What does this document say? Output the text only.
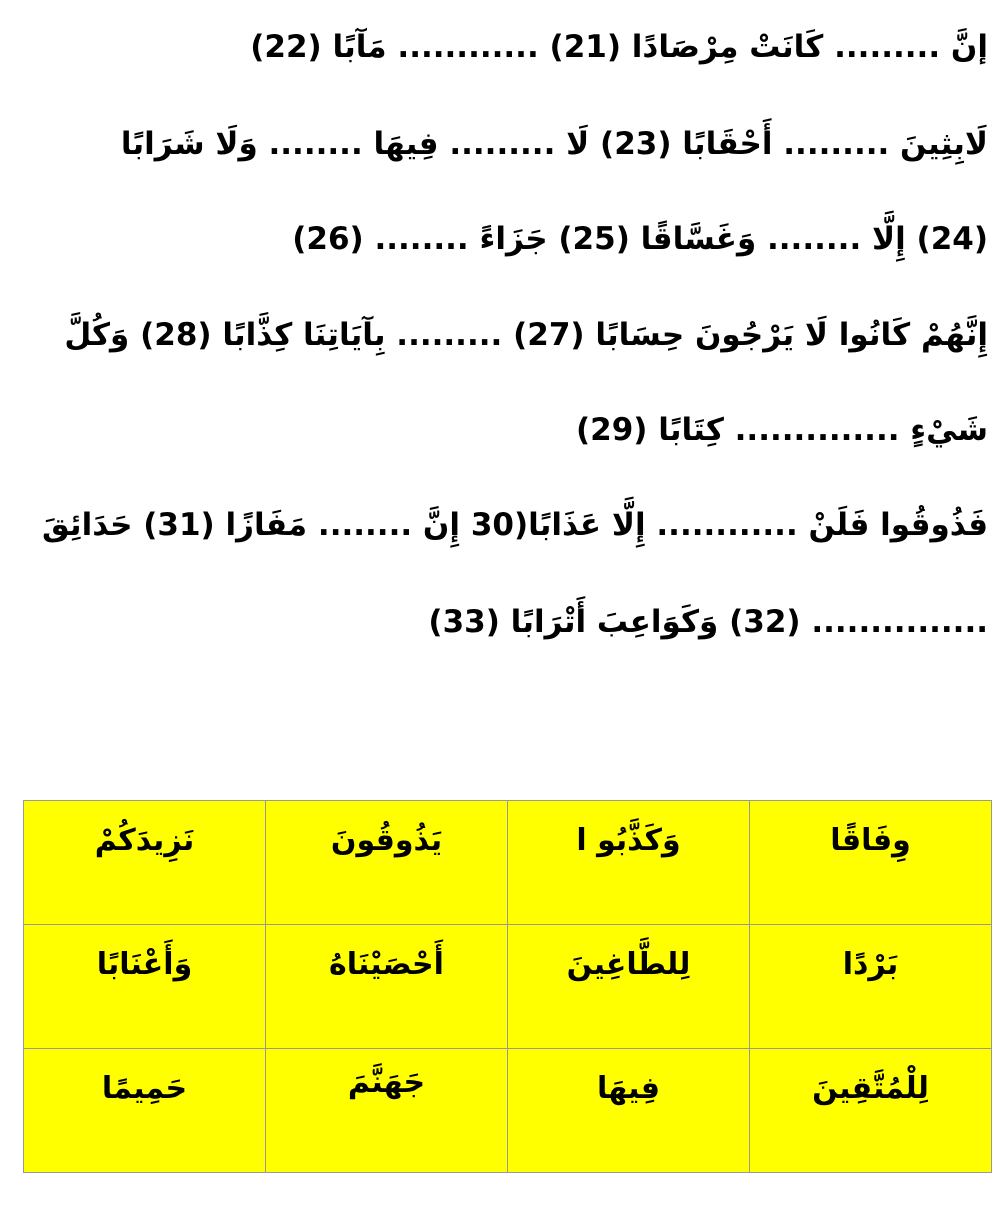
إنَّ ......... كَانَتْ مِرْصَادًا (21) ............ مَآبًا (22)
لَابِثِينَ ......... أَحْقَابًا (23) لَا ......... فِيهَا ........ وَلَا شَرَابًا
(24) إِلَّا ........ وَغَسَّاقًا (25) جَزَاءً ........ (26)
إِنَّهُمْ كَانُوا لَا يَرْجُونَ حِسَابًا (27) ......... بِآيَاتِنَا كِذَّابًا (28) وَكُلَّ
شَيْءٍ .............. كِتَابًا (29)
فَذُوقُوا فَلَنْ ............ إِلَّا عَذَابًا(30 إِنَّ ........ مَفَازًا (31) حَدَائِقَ
............... (32) وَكَوَاعِبَ أَتْرَابًا (33)
وِفَاقًا	وَكَذَّبُو ا	يَذُوقُونَ	نَزِيدَكُمْ

بَرْدًا	لِلطَّاغِينَ	أَحْصَيْنَاهُ	وَأَعْنَابًا

لِلْمُتَّقِينَ	فِيهَا	جَهَنَّمَ	حَمِيمًا
